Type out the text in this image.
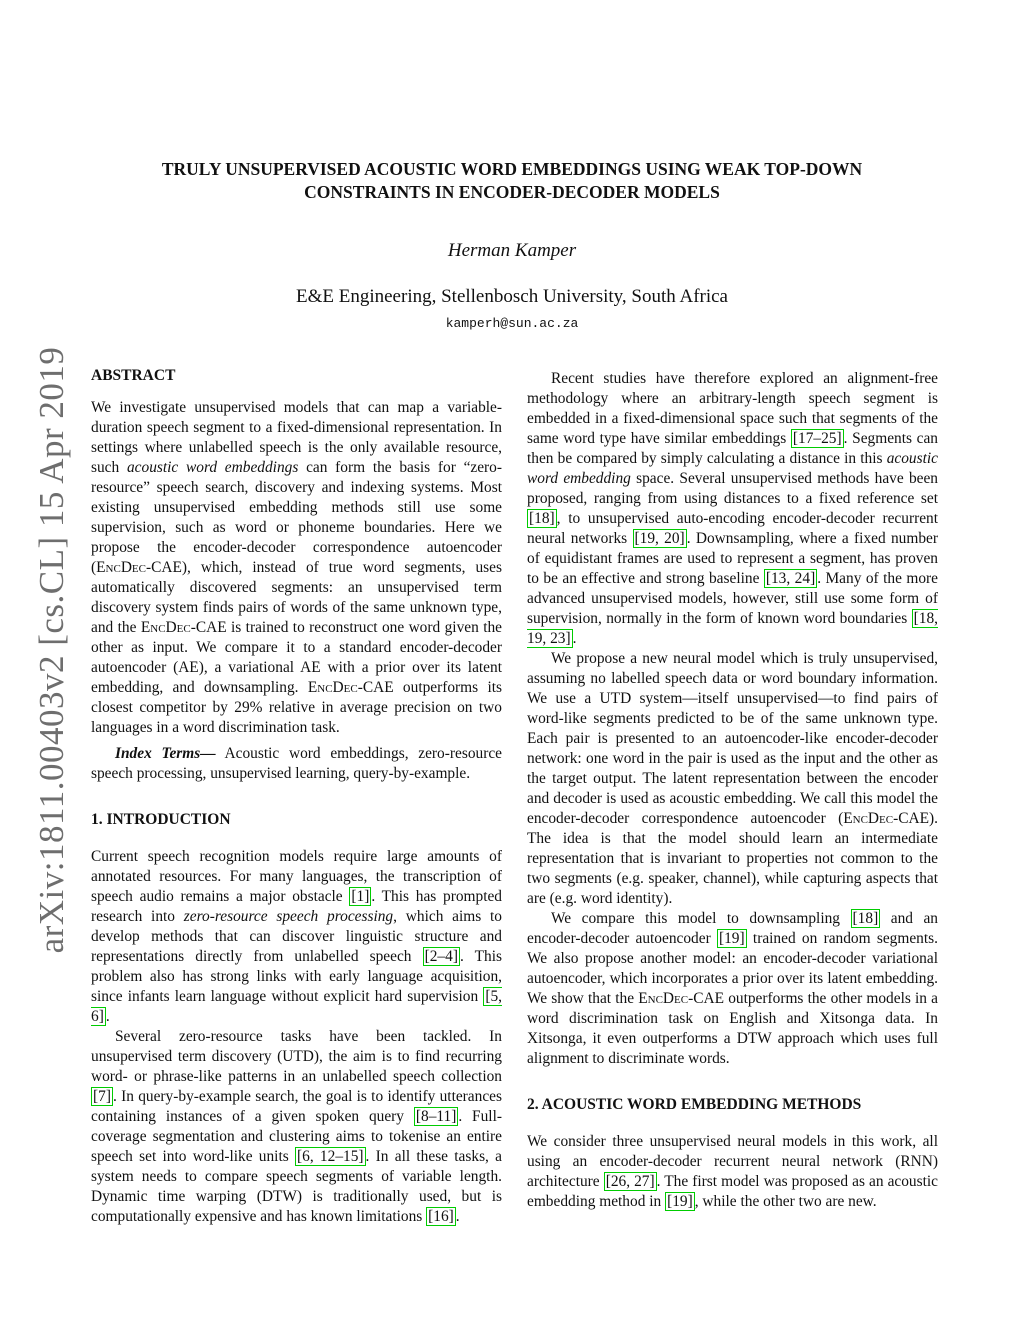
arXiv:1811.00403v2 [cs.CL] 15 Apr 2019

TRULY UNSUPERVISED ACOUSTIC WORD EMBEDDINGS USING WEAK TOP-DOWN
CONSTRAINTS IN ENCODER-DECODER MODELS

Herman Kamper
E&E Engineering, Stellenbosch University, South Africa
kamperh@sun.ac.za

ABSTRACT

We investigate unsupervised models that can map a variable-duration speech segment to a fixed-dimensional representation. In settings where unlabelled speech is the only available resource, such acoustic word embeddings can form the basis for “zero-resource” speech search, discovery and indexing systems. Most existing unsupervised embedding methods still use some supervision, such as word or phoneme boundaries. Here we propose the encoder-decoder correspondence autoencoder (EncDec-CAE), which, instead of true word segments, uses automatically discovered segments: an unsupervised term discovery system finds pairs of words of the same unknown type, and the EncDec-CAE is trained to reconstruct one word given the other as input. We compare it to a standard encoder-decoder autoencoder (AE), a variational AE with a prior over its latent embedding, and downsampling. EncDec-CAE outperforms its closest competitor by 29% relative in average precision on two languages in a word discrimination task.

Index Terms— Acoustic word embeddings, zero-resource speech processing, unsupervised learning, query-by-example.

1. INTRODUCTION

Current speech recognition models require large amounts of annotated resources. For many languages, the transcription of speech audio remains a major obstacle [1] . This has prompted research into zero-resource speech processing, which aims to develop methods that can discover linguistic structure and representations directly from unlabelled speech [2–4] . This problem also has strong links with early language acquisition, since infants learn language without explicit hard supervision [5, 6] .

Several zero-resource tasks have been tackled. In unsupervised term discovery (UTD), the aim is to find recurring word- or phrase-like patterns in an unlabelled speech collection [7] . In query-by-example search, the goal is to identify utterances containing instances of a given spoken query [8–11] . Full-coverage segmentation and clustering aims to tokenise an entire speech set into word-like units [6, 12–15] . In all these tasks, a system needs to compare speech segments of variable length. Dynamic time warping (DTW) is traditionally used, but is computationally expensive and has known limitations [16] .

Recent studies have therefore explored an alignment-free methodology where an arbitrary-length speech segment is embedded in a fixed-dimensional space such that segments of the same word type have similar embeddings [17–25] . Segments can then be compared by simply calculating a distance in this acoustic word embedding space. Several unsupervised methods have been proposed, ranging from using distances to a fixed reference set [18] , to unsupervised auto-encoding encoder-decoder recurrent neural networks [19, 20] . Downsampling, where a fixed number of equidistant frames are used to represent a segment, has proven to be an effective and strong baseline [13, 24] . Many of the more advanced unsupervised models, however, still use some form of supervision, normally in the form of known word boundaries [18, 19, 23] .

We propose a new neural model which is truly unsupervised, assuming no labelled speech data or word boundary information. We use a UTD system—itself unsupervised—to find pairs of word-like segments predicted to be of the same unknown type. Each pair is presented to an autoencoder-like encoder-decoder network: one word in the pair is used as the input and the other as the target output. The latent representation between the encoder and decoder is used as acoustic embedding. We call this model the encoder-decoder correspondence autoencoder (EncDec-CAE). The idea is that the model should learn an intermediate representation that is invariant to properties not common to the two segments (e.g. speaker, channel), while capturing aspects that are (e.g. word identity).

We compare this model to downsampling [18] and an encoder-decoder autoencoder [19] trained on random segments. We also propose another model: an encoder-decoder variational autoencoder, which incorporates a prior over its latent embedding. We show that the EncDec-CAE outperforms the other models in a word discrimination task on English and Xitsonga data. In Xitsonga, it even outperforms a DTW approach which uses full alignment to discriminate words.

2. ACOUSTIC WORD EMBEDDING METHODS

We consider three unsupervised neural models in this work, all using an encoder-decoder recurrent neural network (RNN) architecture [26, 27] . The first model was proposed as an acoustic embedding method in [19] , while the other two are new.
